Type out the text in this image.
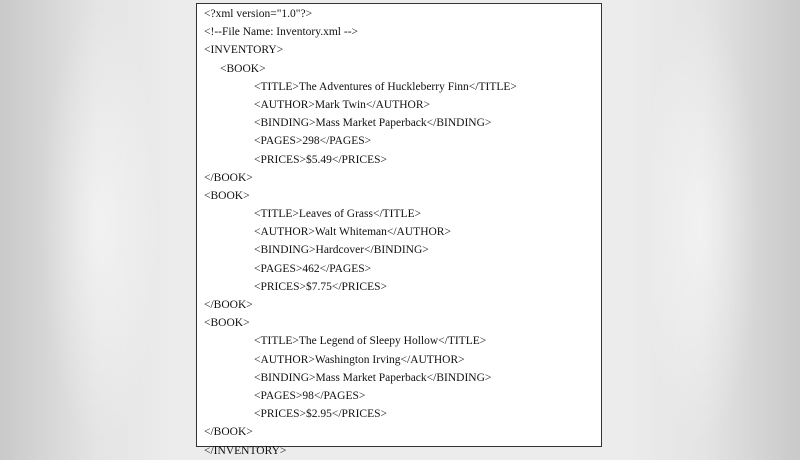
<?xml version="1.0"?>
<!--File Name: Inventory.xml -->
<INVENTORY>
<BOOK>
<TITLE>The Adventures of Huckleberry Finn</TITLE>
<AUTHOR>Mark Twin</AUTHOR>
<BINDING>Mass Market Paperback</BINDING>
<PAGES>298</PAGES>
<PRICES>$5.49</PRICES>
</BOOK>
<BOOK>
<TITLE>Leaves of Grass</TITLE>
<AUTHOR>Walt Whiteman</AUTHOR>
<BINDING>Hardcover</BINDING>
<PAGES>462</PAGES>
<PRICES>$7.75</PRICES>
</BOOK>
<BOOK>
<TITLE>The Legend of Sleepy Hollow</TITLE>
<AUTHOR>Washington Irving</AUTHOR>
<BINDING>Mass Market Paperback</BINDING>
<PAGES>98</PAGES>
<PRICES>$2.95</PRICES>
</BOOK>
</INVENTORY>
